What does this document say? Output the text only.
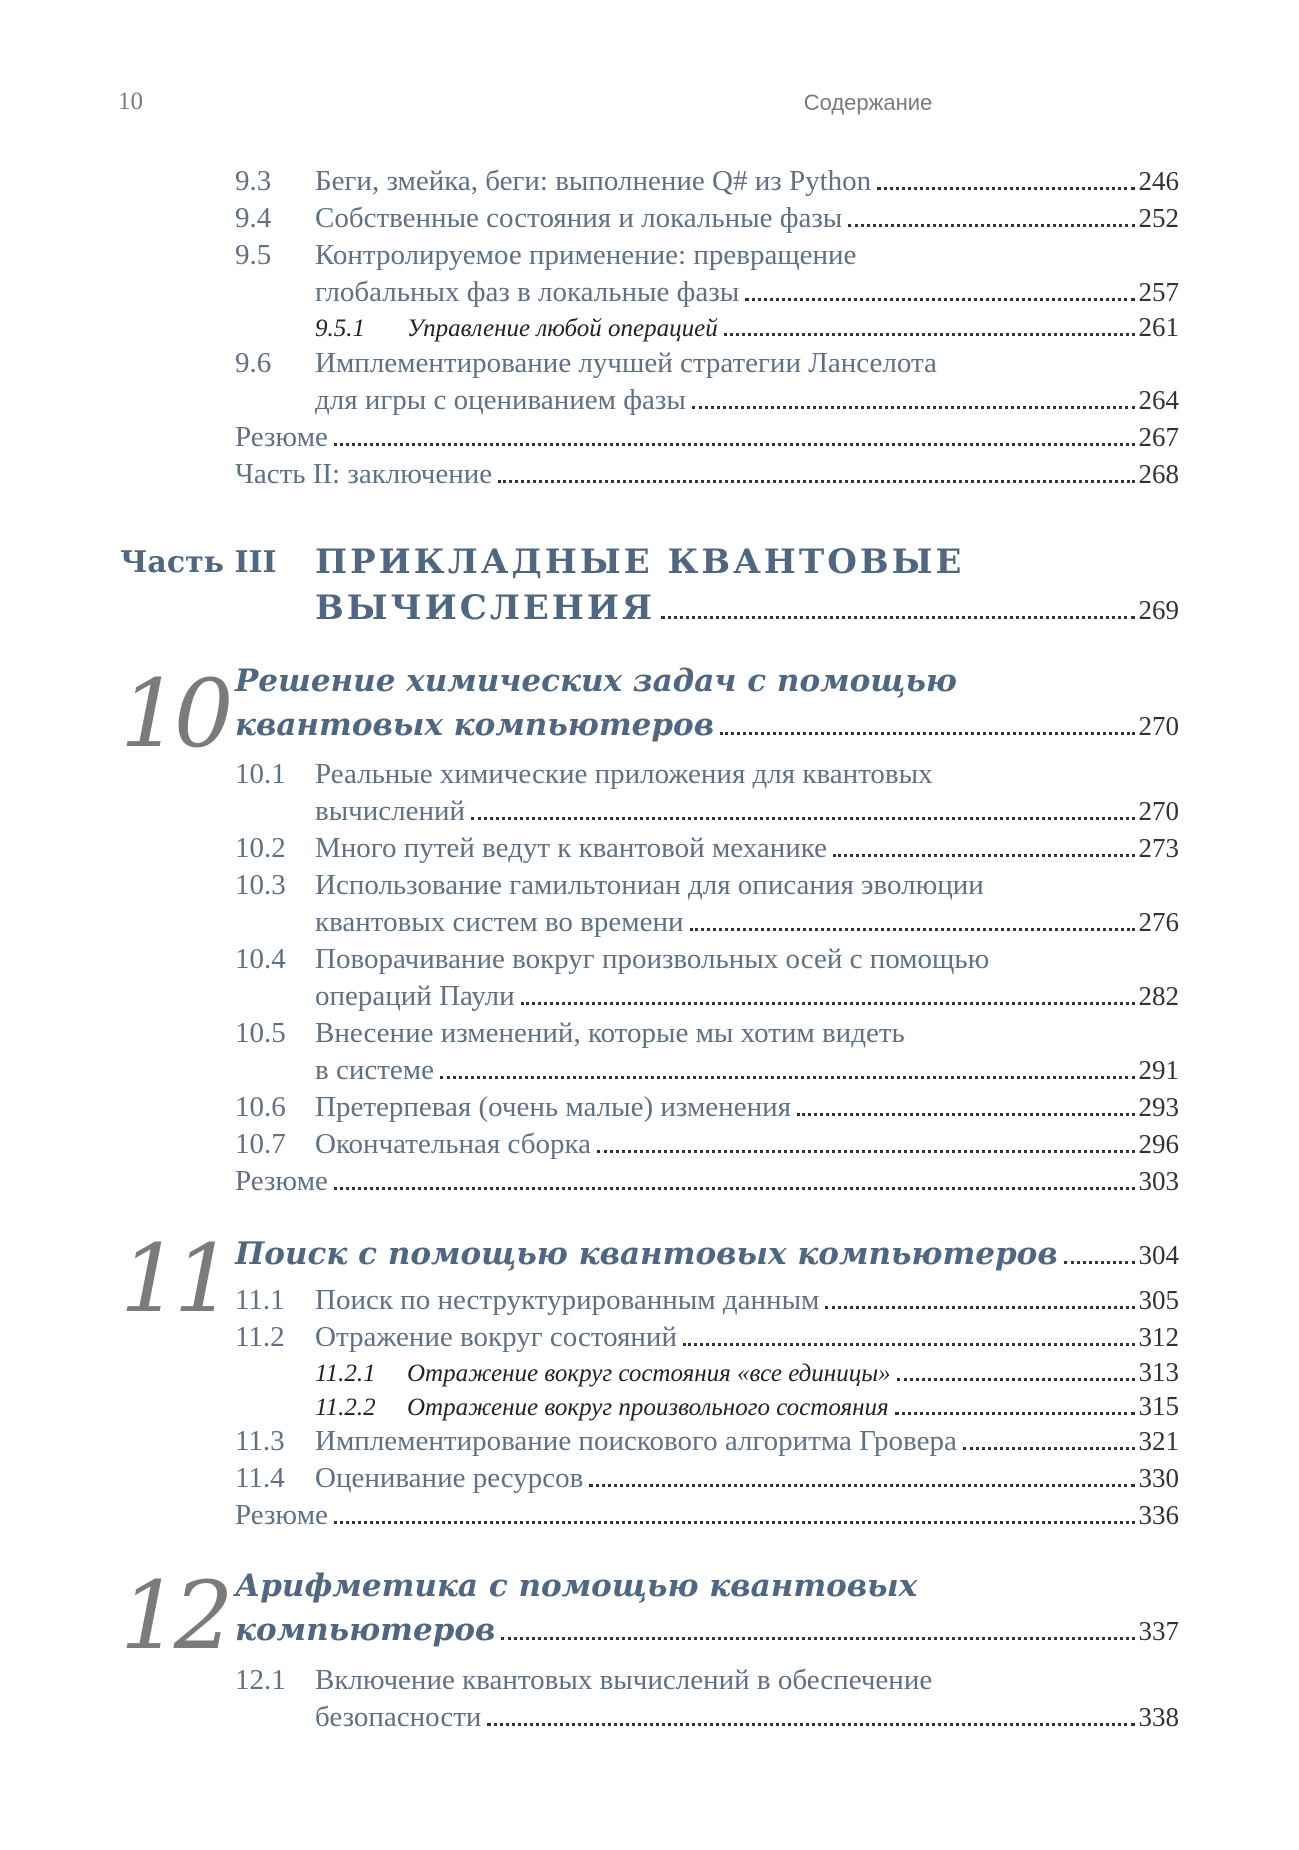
10	Содержание
9.3	Беги, змейка, беги: выполнение Q# из Python	246
9.4	Собственные состояния и локальные фазы	252
9.5	Контролируемое применение: превращение
глобальных фаз в локальные фазы	257
9.5.1	Управление любой операцией	261
9.6	Имплементирование лучшей стратегии Ланселота
для игры с оцениванием фазы	264
Резюме	267
Часть II: заключение	268
Часть III ПРИКЛАДНЫЕ КВАНТОВЫЕ
ВЫЧИСЛЕНИЯ	269
10 Решение химических задач с помощью
квантовых компьютеров	270
10.1	Реальные химические приложения для квантовых
вычислений	270
10.2	Много путей ведут к квантовой механике	273
10.3	Использование гамильтониан для описания эволюции
квантовых систем во времени	276
10.4	Поворачивание вокруг произвольных осей с помощью
операций Паули	282
10.5	Внесение изменений, которые мы хотим видеть
в системе	291
10.6	Претерпевая (очень малые) изменения	293
10.7	Окончательная сборка	296
Резюме	303
11 Поиск с помощью квантовых компьютеров	304
11.1	Поиск по неструктурированным данным	305
11.2	Отражение вокруг состояний	312
11.2.1	Отражение вокруг состояния «все единицы»	313
11.2.2	Отражение вокруг произвольного состояния	315
11.3	Имплементирование поискового алгоритма Гровера	321
11.4	Оценивание ресурсов	330
Резюме	336
12 Арифметика с помощью квантовых
компьютеров	337
12.1	Включение квантовых вычислений в обеспечение
безопасности	338
